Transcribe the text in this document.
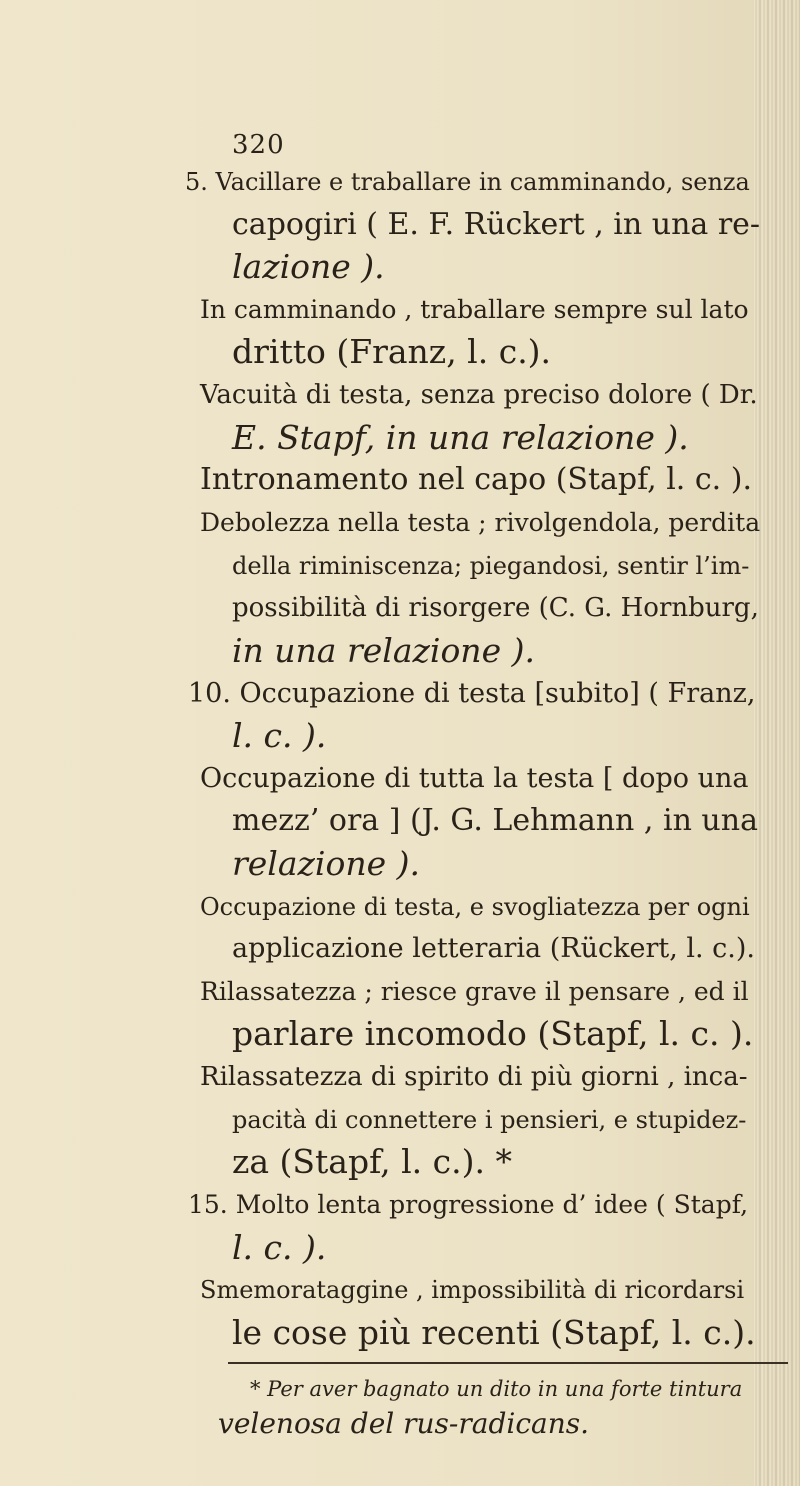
320
5. Vacillare e traballare in camminando, senza
capogiri ( E. F. Rückert , in una re-
lazione ).
In camminando , traballare sempre sul lato
dritto (Franz, l. c.).
Vacuità di testa, senza preciso dolore ( Dr.
E. Stapf, in una relazione ).
Intronamento nel capo (Stapf, l. c. ).
Debolezza nella testa ; rivolgendola, perdita
della riminiscenza; piegandosi, sentir l’im-
possibilità di risorgere (C. G. Hornburg,
in una relazione ).
10. Occupazione di testa [subito] ( Franz,
l. c. ).
Occupazione di tutta la testa [ dopo una
mezz’ ora ] (J. G. Lehmann , in una
relazione ).
Occupazione di testa, e svogliatezza per ogni
applicazione letteraria (Rückert, l. c.).
Rilassatezza ; riesce grave il pensare , ed il
parlare incomodo (Stapf, l. c. ).
Rilassatezza di spirito di più giorni , inca-
pacità di connettere i pensieri, e stupidez-
za (Stapf, l. c.). *
15. Molto lenta progressione d’ idee ( Stapf,
l. c. ).
Smemorataggine , impossibilità di ricordarsi
le cose più recenti (Stapf, l. c.).
* Per aver bagnato un dito in una forte tintura
velenosa del rus-radicans.
